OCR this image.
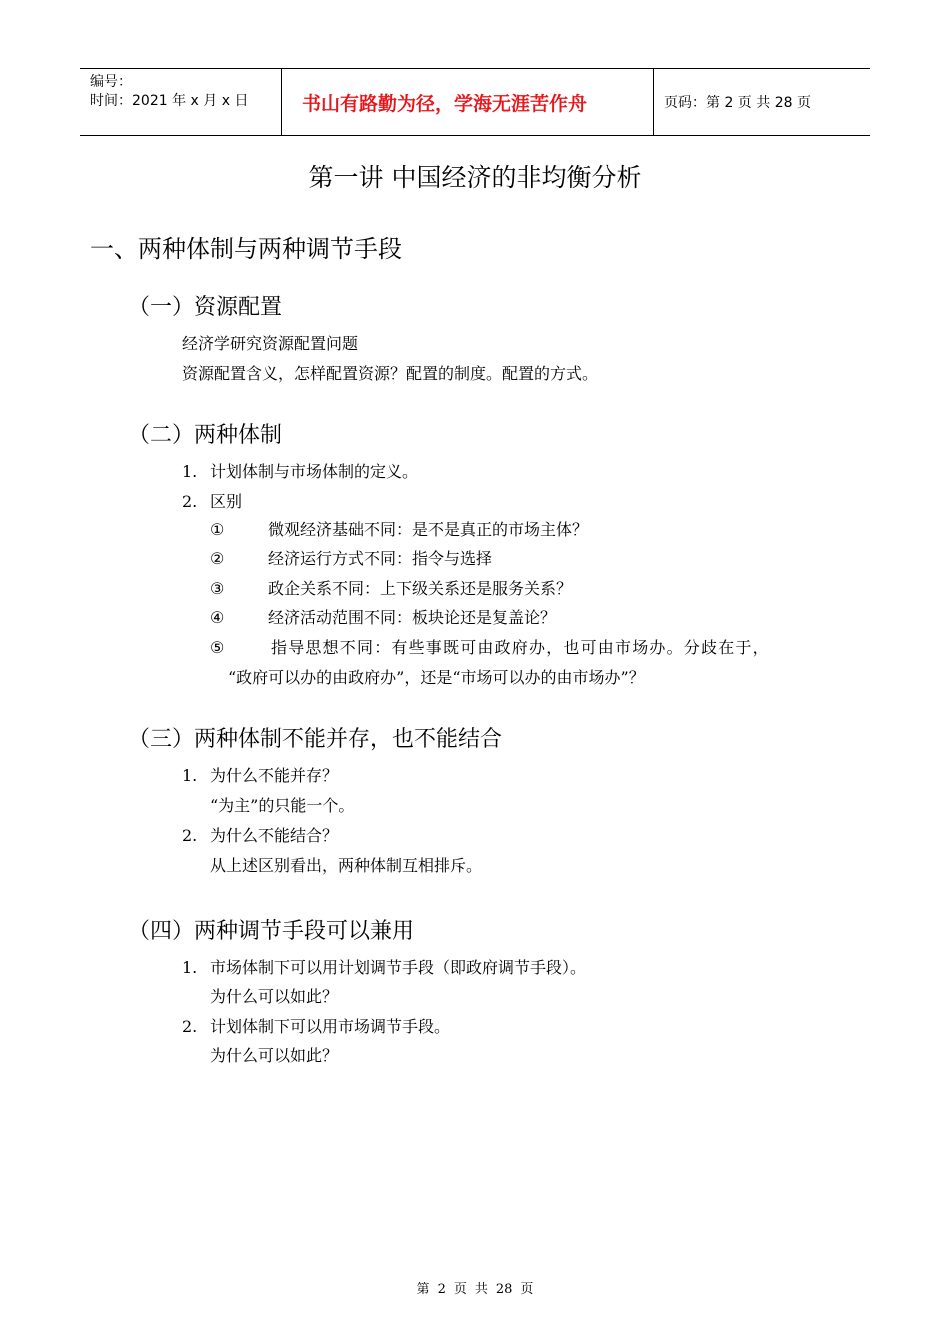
编号：
时间：2021 年 x 月 x 日	书山有路勤为径，学海无涯苦作舟	页码：第 2 页 共 28 页
第一讲 中国经济的非均衡分析
一、两种体制与两种调节手段
（一）资源配置
经济学研究资源配置问题
资源配置含义，怎样配置资源？配置的制度。配置的方式。
（二）两种体制
1. 计划体制与市场体制的定义。
2. 区别
①	微观经济基础不同：是不是真正的市场主体？
②	经济运行方式不同：指令与选择
③	政企关系不同：上下级关系还是服务关系？
④	经济活动范围不同：板块论还是复盖论？
⑤	指导思想不同：有些事既可由政府办，也可由市场办。分歧在于，
“政府可以办的由政府办”，还是“市场可以办的由市场办”？
（三）两种体制不能并存，也不能结合
1. 为什么不能并存？
“为主”的只能一个。
2. 为什么不能结合？
从上述区别看出，两种体制互相排斥。
（四）两种调节手段可以兼用
1. 市场体制下可以用计划调节手段（即政府调节手段）。
为什么可以如此？
2. 计划体制下可以用市场调节手段。
为什么可以如此？
第 2 页 共 28 页
